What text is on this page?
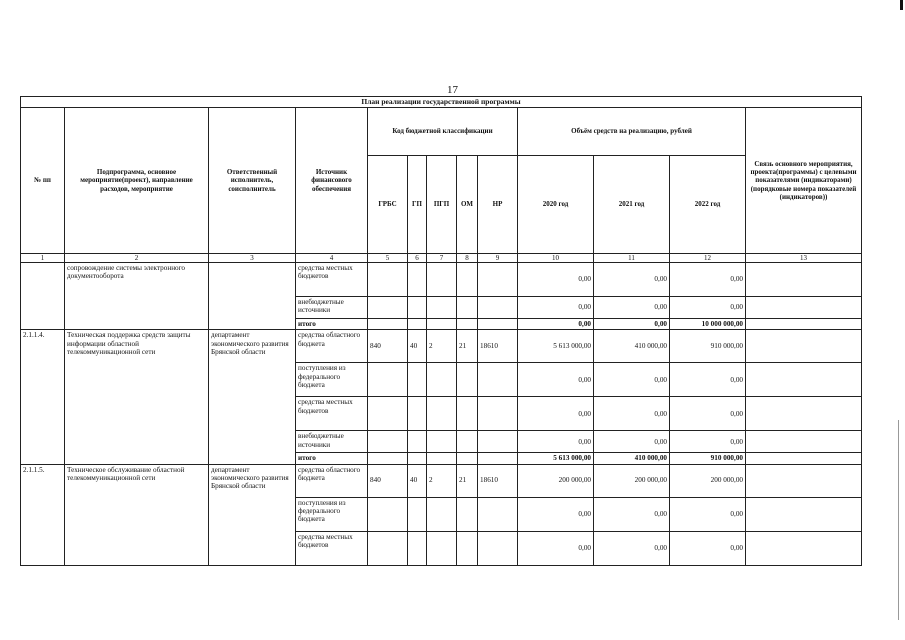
17
План реализации государственной программы												
№ пп	Подпрограмма, основное мероприятие(проект), направление расходов, мероприятие	Ответственный исполнитель, соисполнитель	Источник финансового обеспечения	Код бюджетной классификации					Объём средств на реализацию, рублей			Связь основного мероприятия, проекта(программы) с целевыми показателями (индикаторами) (порядковые номера показателей (индикаторов))
				ГРБС	ГП	ПГП	ОМ	НР	2020 год	2021 год	2022 год	
1	2	3	4	5	6	7	8	9	10	11	12	13
	сопровождение системы электронного документооборота		средства местных бюджетов						0,00	0,00	0,00	
			внебюджетные источники						0,00	0,00	0,00	
			итого						0,00	0,00	10 000 000,00	
2.1.1.4.	Техническая поддержка средств защиты информации областной телекоммуникационной сети	департамент экономического развития Брянской области	средства областного бюджета	840	40	2	21	18610	5 613 000,00	410 000,00	910 000,00	
			поступления из федерального бюджета						0,00	0,00	0,00	
			средства местных бюджетов						0,00	0,00	0,00	
			внебюджетные источники						0,00	0,00	0,00	
			итого						5 613 000,00	410 000,00	910 000,00	
2.1.1.5.	Техническое обслуживание областной телекоммуникационной сети	департамент экономического развития Брянской области	средства областного бюджета	840	40	2	21	18610	200 000,00	200 000,00	200 000,00	
			поступления из федерального бюджета						0,00	0,00	0,00	
			средства местных бюджетов						0,00	0,00	0,00	
